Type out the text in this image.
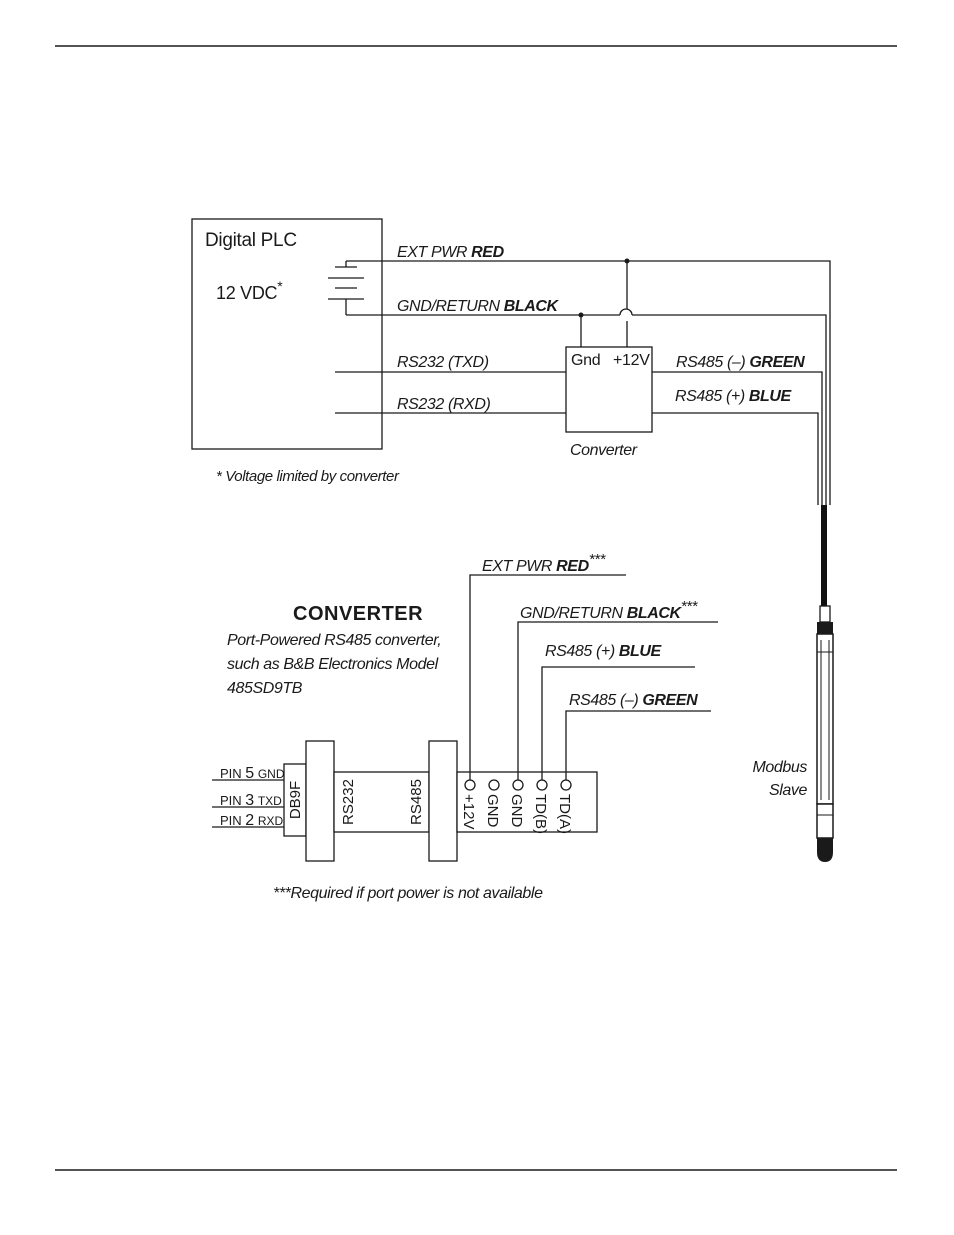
Digital PLC
12 VDC*
* Voltage limited by converter
Gnd +12V
Converter
EXT PWR RED
GND/RETURN BLACK
RS232 (TXD)
RS232 (RXD)
RS485 (–) GREEN
RS485 (+) BLUE
Modbus
Slave
CONVERTER
Port-Powered RS485 converter,
such as B&B Electronics Model
485SD9TB
DB9F RS232	RS485 +12V GND GND TD(B) TD(A)
EXT PWR RED***
GND/RETURN BLACK***
RS485 (+) BLUE
RS485 (–) GREEN
PIN 5 GND
PIN 3 TXD
PIN 2 RXD
***Required if port power is not available
